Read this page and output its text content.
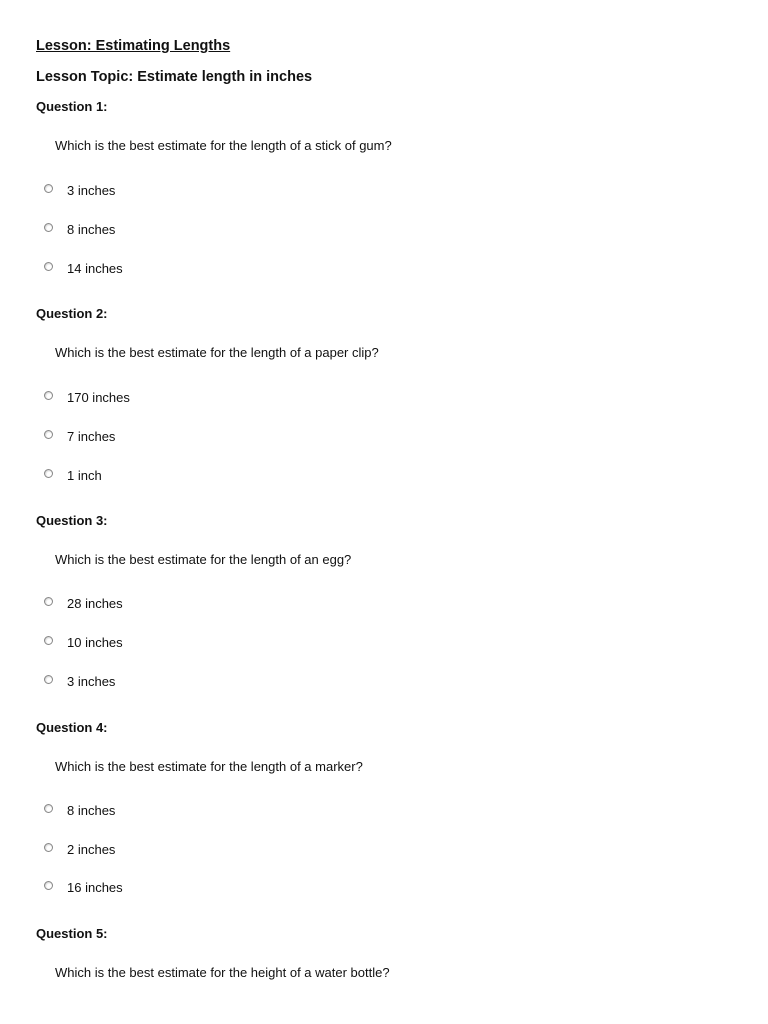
Lesson: Estimating Lengths
Lesson Topic: Estimate length in inches
Question 1:
Which is the best estimate for the length of a stick of gum?
3 inches
8 inches
14 inches
Question 2:
Which is the best estimate for the length of a paper clip?
170 inches
7 inches
1 inch
Question 3:
Which is the best estimate for the length of an egg?
28 inches
10 inches
3 inches
Question 4:
Which is the best estimate for the length of a marker?
8 inches
2 inches
16 inches
Question 5:
Which is the best estimate for the height of a water bottle?
